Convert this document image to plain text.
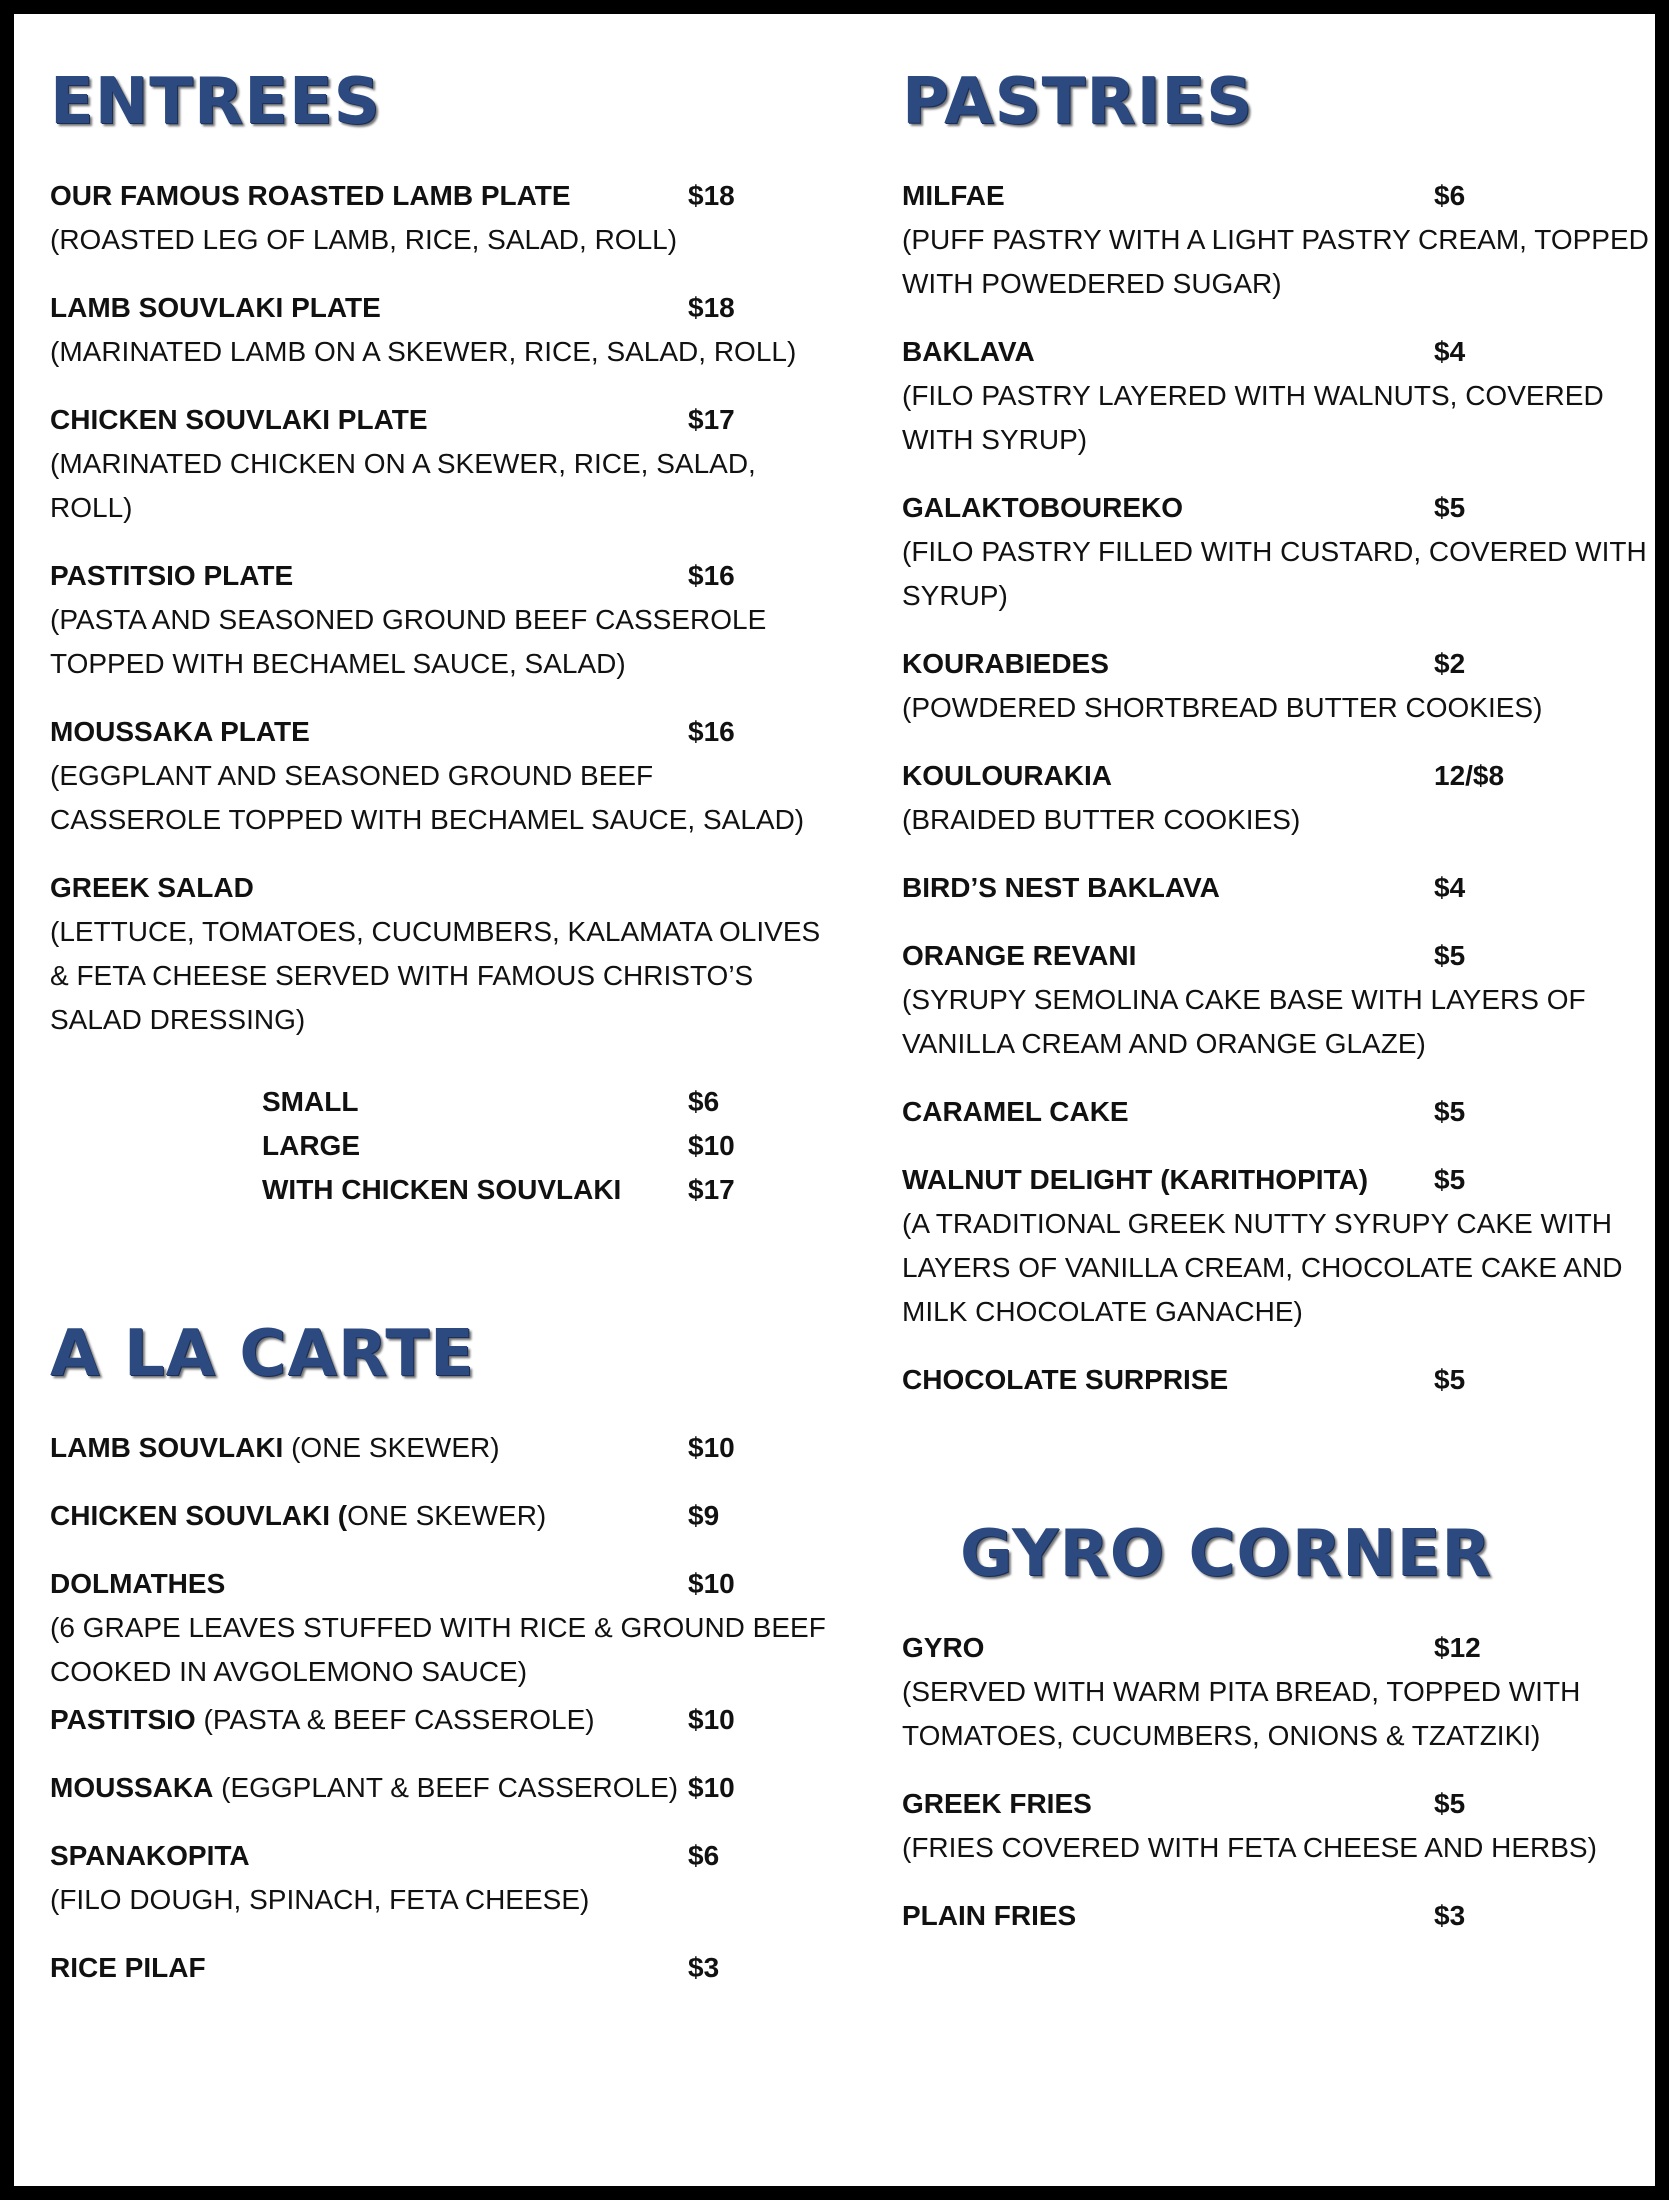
ENTREES
OUR FAMOUS ROASTED LAMB PLATE	$18
(ROASTED LEG OF LAMB, RICE, SALAD, ROLL)
LAMB SOUVLAKI PLATE	$18
(MARINATED LAMB ON A SKEWER, RICE, SALAD, ROLL)
CHICKEN SOUVLAKI PLATE	$17
(MARINATED CHICKEN ON A SKEWER, RICE, SALAD,
ROLL)
PASTITSIO PLATE	$16
(PASTA AND SEASONED GROUND BEEF CASSEROLE
TOPPED WITH BECHAMEL SAUCE, SALAD)
MOUSSAKA PLATE	$16
(EGGPLANT AND SEASONED GROUND BEEF
CASSEROLE TOPPED WITH BECHAMEL SAUCE, SALAD)
GREEK SALAD
(LETTUCE, TOMATOES, CUCUMBERS, KALAMATA OLIVES
& FETA CHEESE SERVED WITH FAMOUS CHRISTO’S
SALAD DRESSING)
SMALL	$6
LARGE	$10
WITH CHICKEN SOUVLAKI $17
A LA CARTE
LAMB SOUVLAKI (ONE SKEWER)	$10
CHICKEN SOUVLAKI (ONE SKEWER)	$9
DOLMATHES	$10
(6 GRAPE LEAVES STUFFED WITH RICE & GROUND BEEF
COOKED IN AVGOLEMONO SAUCE)
PASTITSIO (PASTA & BEEF CASSEROLE)	$10
MOUSSAKA (EGGPLANT & BEEF CASSEROLE) $10
SPANAKOPITA	$6
(FILO DOUGH, SPINACH, FETA CHEESE)
RICE PILAF	$3
PASTRIES
MILFAE	$6
(PUFF PASTRY WITH A LIGHT PASTRY CREAM, TOPPED
WITH POWEDERED SUGAR)
BAKLAVA	$4
(FILO PASTRY LAYERED WITH WALNUTS, COVERED
WITH SYRUP)
GALAKTOBOUREKO	$5
(FILO PASTRY FILLED WITH CUSTARD, COVERED WITH
SYRUP)
KOURABIEDES	$2
(POWDERED SHORTBREAD BUTTER COOKIES)
KOULOURAKIA	12/$8
(BRAIDED BUTTER COOKIES)
BIRD’S NEST BAKLAVA	$4
ORANGE REVANI	$5
(SYRUPY SEMOLINA CAKE BASE WITH LAYERS OF
VANILLA CREAM AND ORANGE GLAZE)
CARAMEL CAKE	$5
WALNUT DELIGHT (KARITHOPITA) $5
(A TRADITIONAL GREEK NUTTY SYRUPY CAKE WITH
LAYERS OF VANILLA CREAM, CHOCOLATE CAKE AND
MILK CHOCOLATE GANACHE)
CHOCOLATE SURPRISE	$5
GYRO CORNER
GYRO	$12
(SERVED WITH WARM PITA BREAD, TOPPED WITH
TOMATOES, CUCUMBERS, ONIONS & TZATZIKI)
GREEK FRIES	$5
(FRIES COVERED WITH FETA CHEESE AND HERBS)
PLAIN FRIES	$3
